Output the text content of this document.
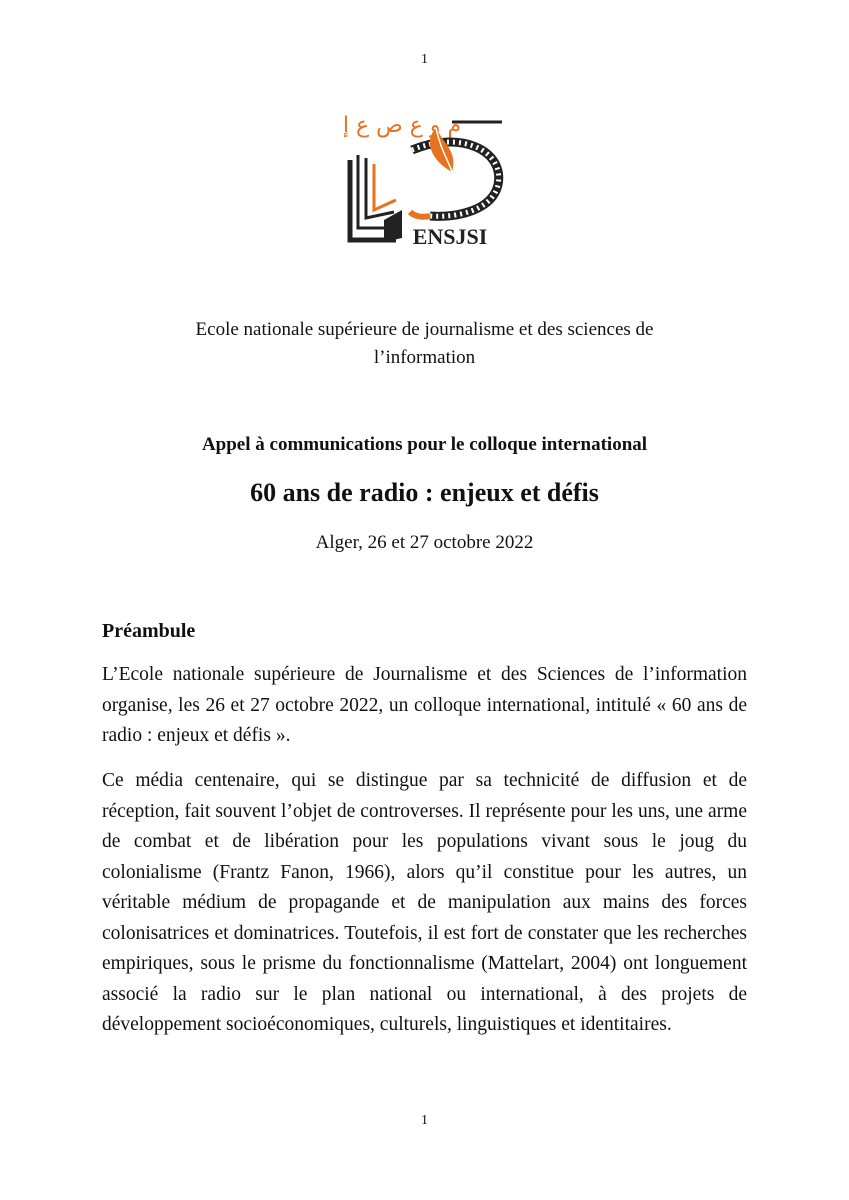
1
م و ع ص ع إ
ENSJSI
Ecole nationale supérieure de journalisme et des sciences de
l’information
Appel à communications pour le colloque international
60 ans de radio : enjeux et défis
Alger, 26 et 27 octobre 2022
Préambule

L’Ecole nationale supérieure de Journalisme et des Sciences de l’information organise, les 26 et 27 octobre 2022, un colloque international, intitulé « 60 ans de radio : enjeux et défis ».

Ce média centenaire, qui se distingue par sa technicité de diffusion et de réception, fait souvent l’objet de controverses. Il représente pour les uns, une arme de combat et de libération pour les populations vivant sous le joug du colonialisme (Frantz Fanon, 1966), alors qu’il constitue pour les autres, un véritable médium de propagande et de manipulation aux mains des forces colonisatrices et dominatrices. Toutefois, il est fort de constater que les recherches empiriques, sous le prisme du fonctionnalisme (Mattelart, 2004) ont longuement associé la radio sur le plan national ou international, à des projets de développement socioéconomiques, culturels, linguistiques et identitaires.

1
